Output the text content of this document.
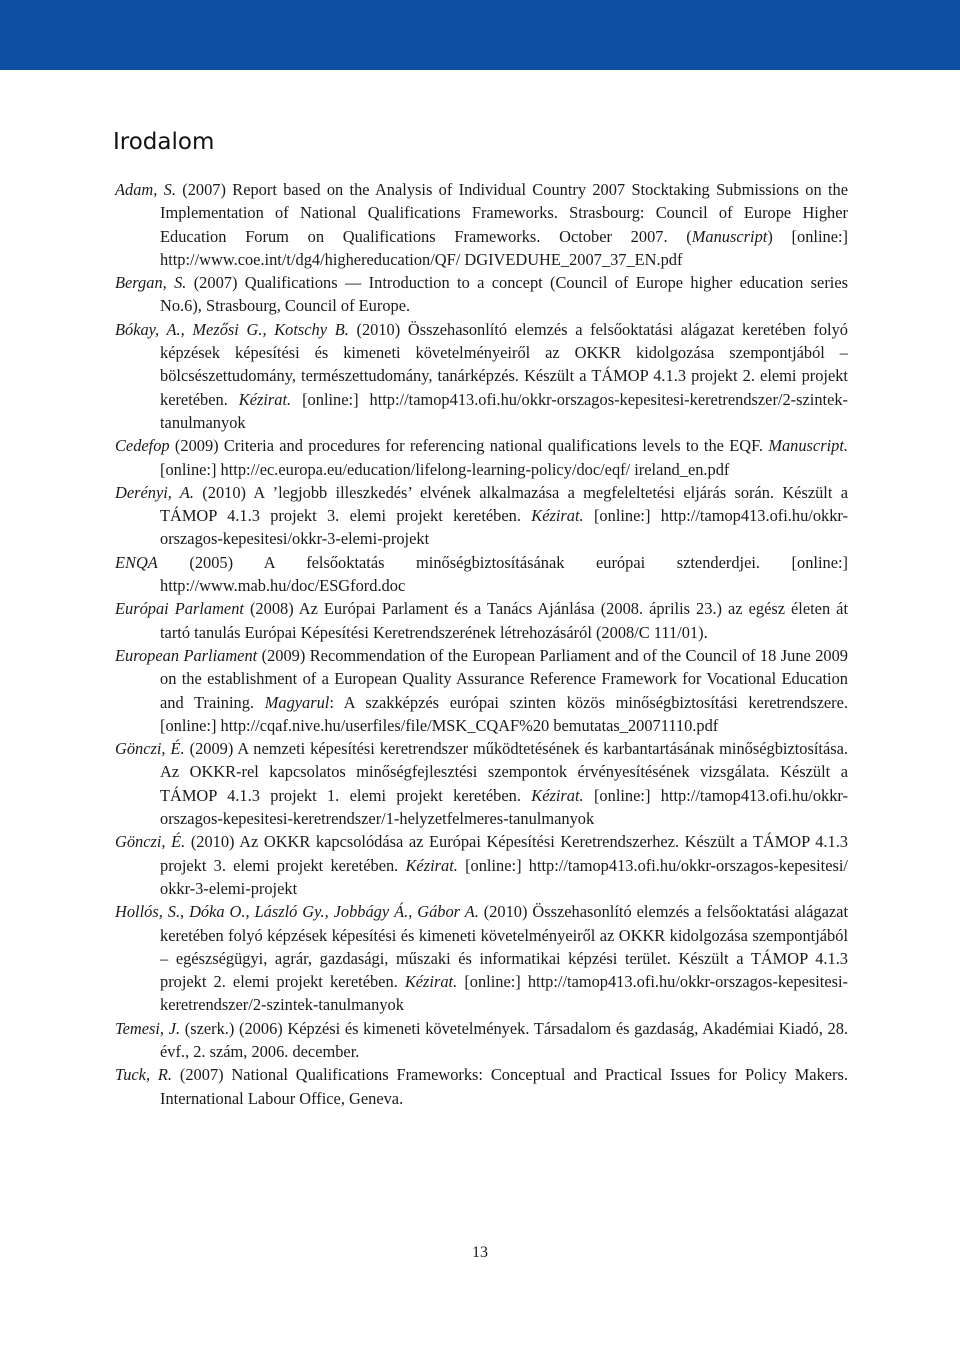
Irodalom
Adam, S. (2007) Report based on the Analysis of Individual Country 2007 Stocktaking Submissions on the Implementation of National Qualifications Frameworks. Strasbourg: Council of Europe Higher Education Forum on Qualifications Frameworks. October 2007. (Manuscript) [online:] http://www.coe.int/t/dg4/highereducation/QF/ DGIVEDUHE_2007_37_EN.pdf
Bergan, S. (2007) Qualifications — Introduction to a concept (Council of Europe higher education series No.6), Strasbourg, Council of Europe.
Bókay, A., Mezősi G., Kotschy B. (2010) Összehasonlító elemzés a felsőoktatási alágazat keretében folyó képzések képesítési és kimeneti követelményeiről az OKKR kidolgozása szempontjából – bölcsészettudomány, természettudomány, tanárképzés. Készült a TÁMOP 4.1.3 projekt 2. elemi projekt keretében. Kézirat. [online:] http://tamop413.ofi.hu/okkr-orszagos-kepesitesi-keretrendszer/2-szintek-tanulmanyok
Cedefop (2009) Criteria and procedures for referencing national qualifications levels to the EQF. Manuscript. [online:] http://ec.europa.eu/education/lifelong-learning-policy/doc/eqf/ ireland_en.pdf
Derényi, A. (2010) A ’legjobb illeszkedés’ elvének alkalmazása a megfeleltetési eljárás során. Készült a TÁMOP 4.1.3 projekt 3. elemi projekt keretében. Kézirat. [online:] http://tamop413.ofi.hu/okkr-orszagos-kepesitesi/okkr-3-elemi-projekt
ENQA (2005) A felsőoktatás minőségbiztosításának európai sztenderdjei. [online:] http://www.mab.hu/doc/ESGford.doc
Európai Parlament (2008) Az Európai Parlament és a Tanács Ajánlása (2008. április 23.) az egész életen át tartó tanulás Európai Képesítési Keretrendszerének létrehozásáról (2008/C 111/01).
European Parliament (2009) Recommendation of the European Parliament and of the Council of 18 June 2009 on the establishment of a European Quality Assurance Reference Framework for Vocational Education and Training. Magyarul: A szakképzés európai szinten közös minőségbiztosítási keretrendszere. [online:] http://cqaf.nive.hu/userfiles/file/MSK_CQAF%20 bemutatas_20071110.pdf
Gönczi, É. (2009) A nemzeti képesítési keretrendszer működtetésének és karbantartásának minőségbiztosítása. Az OKKR-rel kapcsolatos minőségfejlesztési szempontok érvényesítésének vizsgálata. Készült a TÁMOP 4.1.3 projekt 1. elemi projekt keretében. Kézirat. [online:] http://tamop413.ofi.hu/okkr-orszagos-kepesitesi-keretrendszer/1-helyzetfelmeres-tanulmanyok
Gönczi, É. (2010) Az OKKR kapcsolódása az Európai Képesítési Keretrendszerhez. Készült a TÁMOP 4.1.3 projekt 3. elemi projekt keretében. Kézirat. [online:] http://tamop413.ofi.hu/okkr-orszagos-kepesitesi/ okkr-3-elemi-projekt
Hollós, S., Dóka O., László Gy., Jobbágy Á., Gábor A. (2010) Összehasonlító elemzés a felsőoktatási alágazat keretében folyó képzések képesítési és kimeneti követelményeiről az OKKR kidolgozása szempontjából – egészségügyi, agrár, gazdasági, műszaki és informatikai képzési terület. Készült a TÁMOP 4.1.3 projekt 2. elemi projekt keretében. Kézirat. [online:] http://tamop413.ofi.hu/okkr-orszagos-kepesitesi-keretrendszer/2-szintek-tanulmanyok
Temesi, J. (szerk.) (2006) Képzési és kimeneti követelmények. Társadalom és gazdaság, Akadémiai Kiadó, 28. évf., 2. szám, 2006. december.
Tuck, R. (2007) National Qualifications Frameworks: Conceptual and Practical Issues for Policy Makers. International Labour Office, Geneva.
13
